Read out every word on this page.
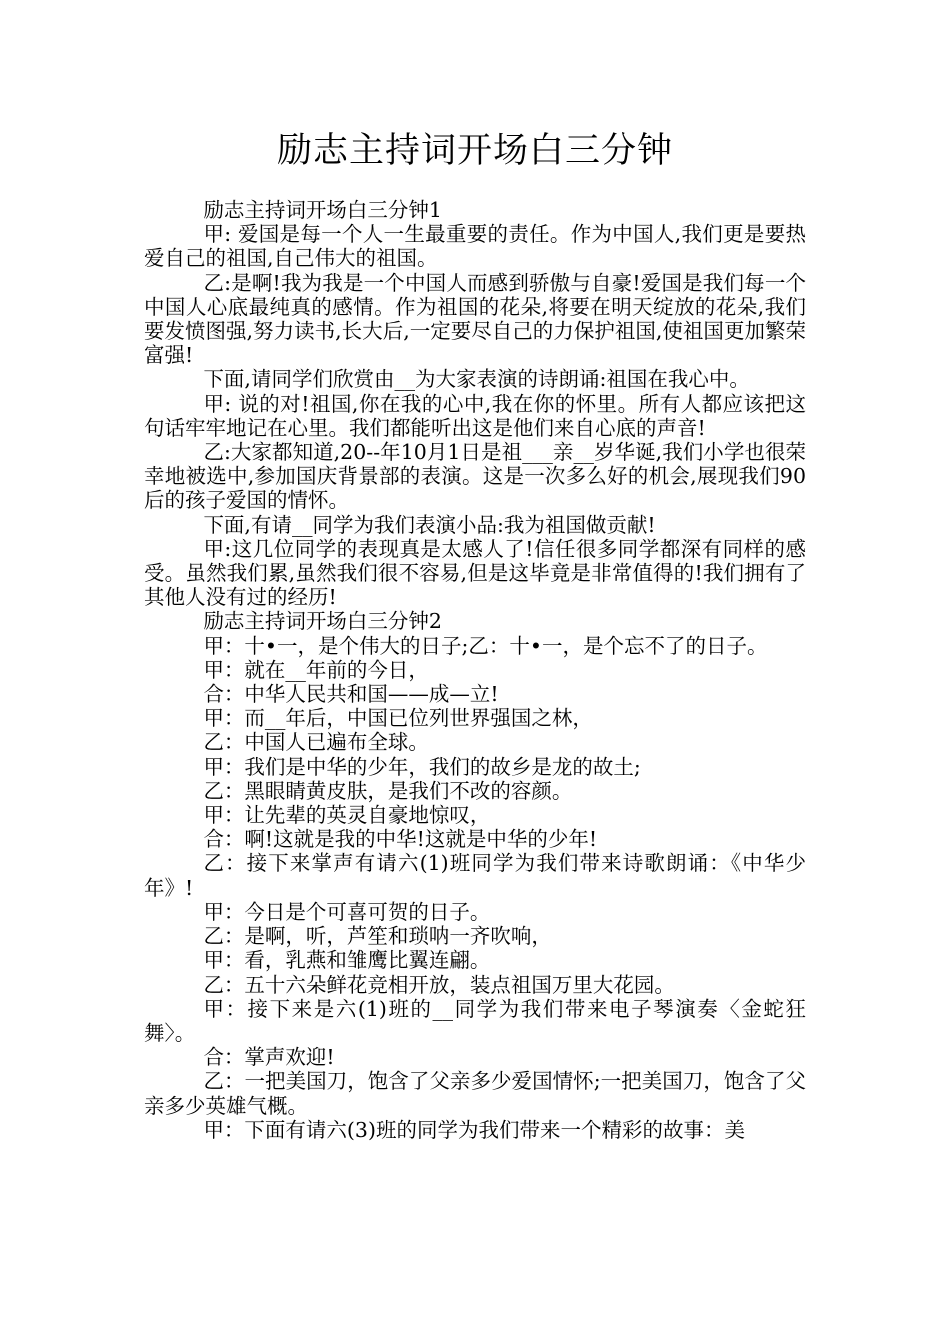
励志主持词开场白三分钟

励志主持词开场白三分钟1

甲: 爱国是每一个人一生最重要的责任。作为中国人,我们更是要热爱自己的祖国,自己伟大的祖国。

乙:是啊!我为我是一个中国人而感到骄傲与自豪!爱国是我们每一个中国人心底最纯真的感情。作为祖国的花朵,将要在明天绽放的花朵,我们要发愤图强,努力读书,长大后,一定要尽自己的力保护祖国,使祖国更加繁荣富强!

下面,请同学们欣赏由__为大家表演的诗朗诵:祖国在我心中。

甲: 说的对!祖国,你在我的心中,我在你的怀里。所有人都应该把这句话牢牢地记在心里。我们都能听出这是他们来自心底的声音!

乙:大家都知道,20--年10月1日是祖___亲__岁华诞,我们小学也很荣幸地被选中,参加国庆背景部的表演。这是一次多么好的机会,展现我们90后的孩子爱国的情怀。

下面,有请__同学为我们表演小品:我为祖国做贡献!

甲:这几位同学的表现真是太感人了!信任很多同学都深有同样的感受。虽然我们累,虽然我们很不容易,但是这毕竟是非常值得的!我们拥有了其他人没有过的经历!

励志主持词开场白三分钟2

甲：十•一，是个伟大的日子;乙：十•一，是个忘不了的日子。

甲：就在__年前的今日，

合：中华人民共和国——成—立!

甲：而__年后，中国已位列世界强国之林，

乙：中国人已遍布全球。

甲：我们是中华的少年，我们的故乡是龙的故土;

乙：黑眼睛黄皮肤，是我们不改的容颜。

甲：让先辈的英灵自豪地惊叹，

合：啊!这就是我的中华!这就是中华的少年!

乙：接下来掌声有请六(1)班同学为我们带来诗歌朗诵：《中华少年》!

甲：今日是个可喜可贺的日子。

乙：是啊，听，芦笙和琐呐一齐吹响，

甲：看，乳燕和雏鹰比翼连翩。

乙：五十六朵鲜花竞相开放，装点祖国万里大花园。

甲：接下来是六(1)班的__同学为我们带来电子琴演奏〈金蛇狂舞〉。

合：掌声欢迎!

乙：一把美国刀，饱含了父亲多少爱国情怀;一把美国刀，饱含了父亲多少英雄气概。

甲：下面有请六(3)班的同学为我们带来一个精彩的故事：美
